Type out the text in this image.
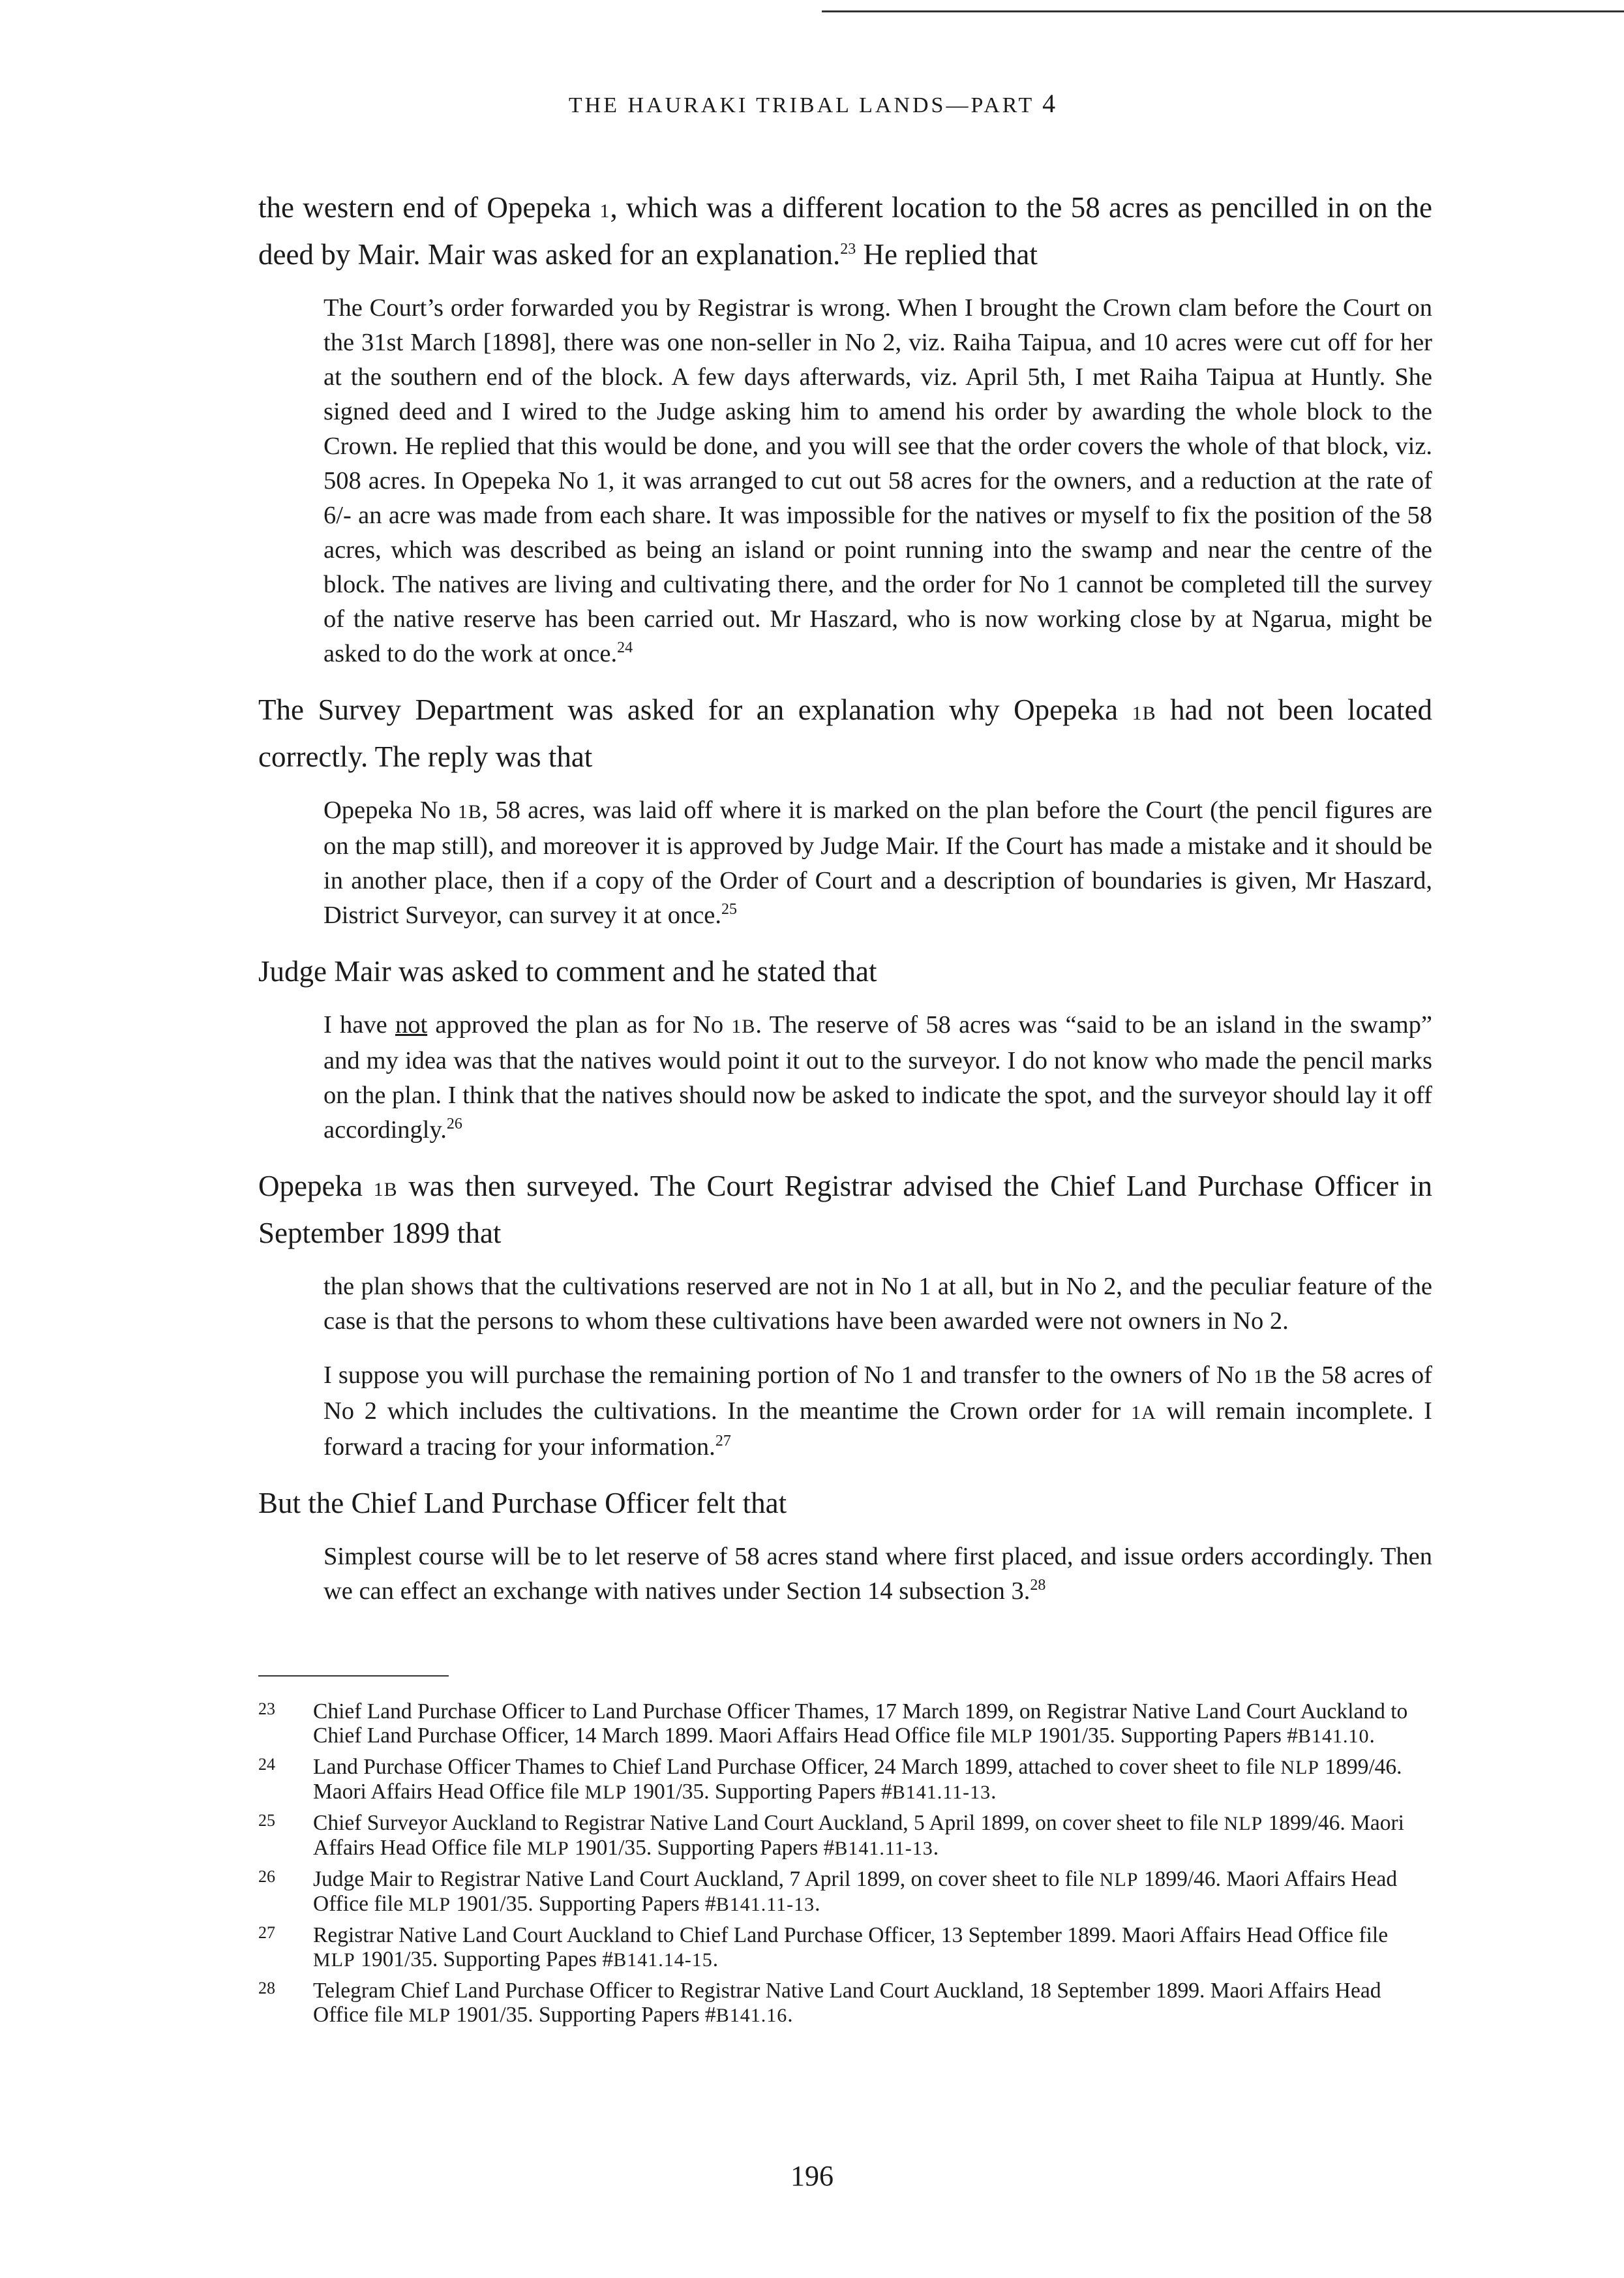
THE HAURAKI TRIBAL LANDS—PART 4

the western end of Opepeka 1, which was a different location to the 58 acres as pencilled in on the deed by Mair. Mair was asked for an explanation.$^{23}$ He replied that

The Court’s order forwarded you by Registrar is wrong. When I brought the Crown clam before the Court on the 31st March [1898], there was one non-seller in No 2, viz. Raiha Taipua, and 10 acres were cut off for her at the southern end of the block. A few days afterwards, viz. April 5th, I met Raiha Taipua at Huntly. She signed deed and I wired to the Judge asking him to amend his order by awarding the whole block to the Crown. He replied that this would be done, and you will see that the order covers the whole of that block, viz. 508 acres. In Opepeka No 1, it was arranged to cut out 58 acres for the owners, and a reduction at the rate of 6/- an acre was made from each share. It was impossible for the natives or myself to fix the position of the 58 acres, which was described as being an island or point running into the swamp and near the centre of the block. The natives are living and cultivating there, and the order for No 1 cannot be completed till the survey of the native reserve has been carried out. Mr Haszard, who is now working close by at Ngarua, might be asked to do the work at once.$^{24}$

The Survey Department was asked for an explanation why Opepeka 1B had not been located correctly. The reply was that

Opepeka No 1B, 58 acres, was laid off where it is marked on the plan before the Court (the pencil figures are on the map still), and moreover it is approved by Judge Mair. If the Court has made a mistake and it should be in another place, then if a copy of the Order of Court and a description of boundaries is given, Mr Haszard, District Surveyor, can survey it at once.$^{25}$

Judge Mair was asked to comment and he stated that

I have not approved the plan as for No 1B. The reserve of 58 acres was “said to be an island in the swamp” and my idea was that the natives would point it out to the surveyor. I do not know who made the pencil marks on the plan. I think that the natives should now be asked to indicate the spot, and the surveyor should lay it off accordingly.$^{26}$

Opepeka 1B was then surveyed. The Court Registrar advised the Chief Land Purchase Officer in September 1899 that

the plan shows that the cultivations reserved are not in No 1 at all, but in No 2, and the peculiar feature of the case is that the persons to whom these cultivations have been awarded were not owners in No 2.
I suppose you will purchase the remaining portion of No 1 and transfer to the owners of No 1B the 58 acres of No 2 which includes the cultivations. In the meantime the Crown order for 1A will remain incomplete. I forward a tracing for your information.$^{27}$

But the Chief Land Purchase Officer felt that

Simplest course will be to let reserve of 58 acres stand where first placed, and issue orders accordingly. Then we can effect an exchange with natives under Section 14 subsection 3.28
23	Chief Land Purchase Officer to Land Purchase Officer Thames, 17 March 1899, on Registrar Native Land Court Auckland to Chief Land Purchase Officer, 14 March 1899. Maori Affairs Head Office file MLP 1901/35. Supporting Papers #B141.10.
24	Land Purchase Officer Thames to Chief Land Purchase Officer, 24 March 1899, attached to cover sheet to file NLP 1899/46. Maori Affairs Head Office file MLP 1901/35. Supporting Papers #B141.11-13.
25	Chief Surveyor Auckland to Registrar Native Land Court Auckland, 5 April 1899, on cover sheet to file NLP 1899/46. Maori Affairs Head Office file MLP 1901/35. Supporting Papers #B141.11-13.
26	Judge Mair to Registrar Native Land Court Auckland, 7 April 1899, on cover sheet to file NLP 1899/46. Maori Affairs Head Office file MLP 1901/35. Supporting Papers #B141.11-13.
27	Registrar Native Land Court Auckland to Chief Land Purchase Officer, 13 September 1899. Maori Affairs Head Office file MLP 1901/35. Supporting Papes #B141.14-15.
28	Telegram Chief Land Purchase Officer to Registrar Native Land Court Auckland, 18 September 1899. Maori Affairs Head Office file MLP 1901/35. Supporting Papers #B141.16.
196
